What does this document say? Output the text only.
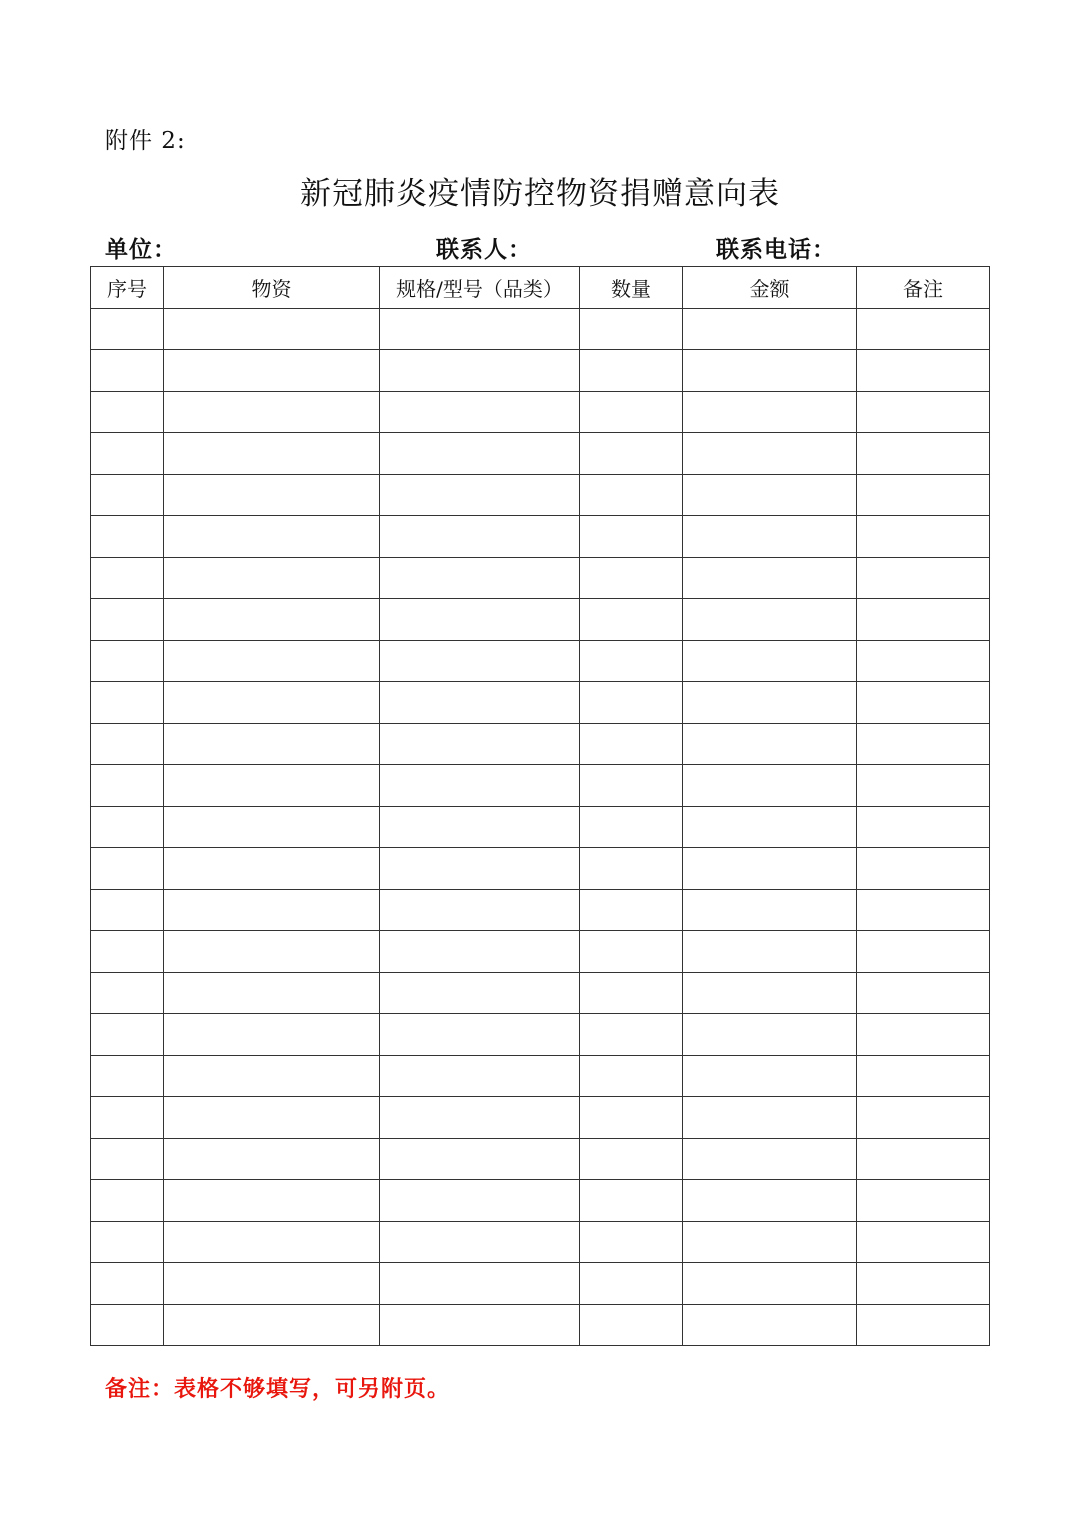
附件 2:
新冠肺炎疫情防控物资捐赠意向表
单位：	联系人：	联系电话：
序号	物资	规格/型号（品类）	数量	金额	备注

备注：表格不够填写，可另附页。
